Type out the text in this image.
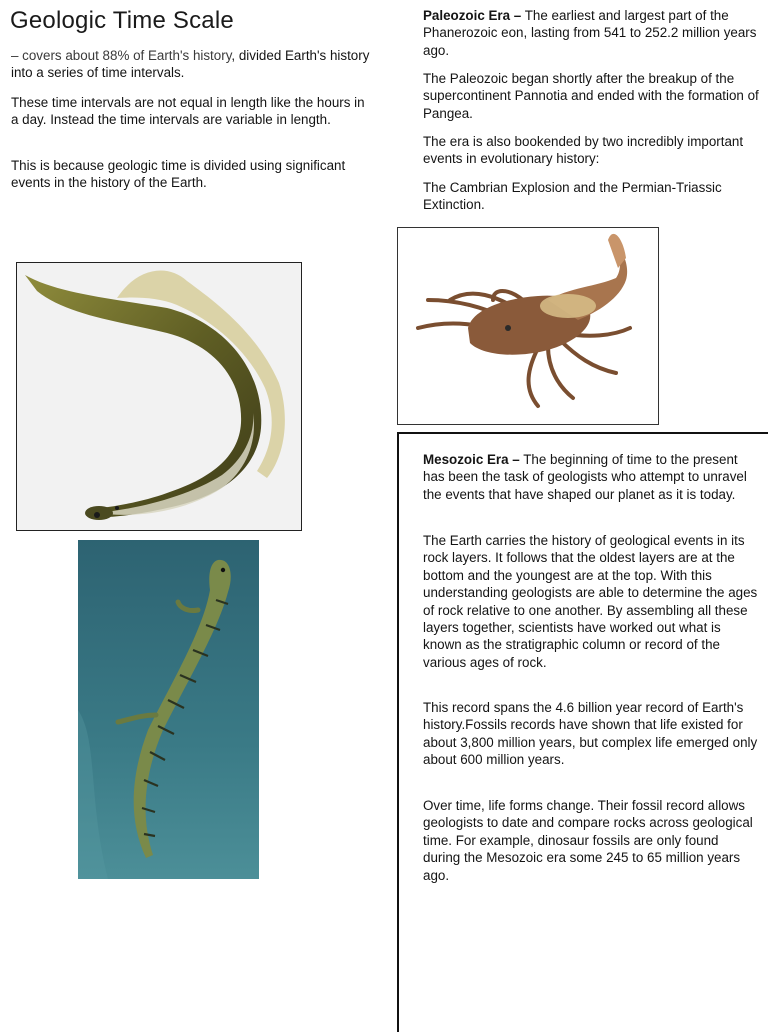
Geologic Time Scale

– covers about 88% of Earth's history, divided Earth's history into a series of time intervals.

These time intervals are not equal in length like the hours in a day. Instead the time intervals are variable in length.

This is because geologic time is divided using significant events in the history of the Earth.

Paleozoic Era – The earliest and largest part of the Phanerozoic eon, lasting from 541 to 252.2 million years ago.

The Paleozoic began shortly after the breakup of the supercontinent Pannotia and ended with the formation of Pangea.

The era is also bookended by two incredibly important events in evolutionary history:

The Cambrian Explosion and the Permian-Triassic Extinction.

Mesozoic Era – The beginning of time to the present has been the task of geologists who attempt to unravel the events that have shaped our planet as it is today.

The Earth carries the history of geological events in its rock layers. It follows that the oldest layers are at the bottom and the youngest are at the top. With this understanding geologists are able to determine the ages of rock relative to one another. By assembling all these layers together, scientists have worked out what is known as the stratigraphic column or record of the various ages of rock.

This record spans the 4.6 billion year record of Earth's history.Fossils records have shown that life existed for about 3,800 million years, but complex life emerged only about 600 million years.

Over time, life forms change. Their fossil record allows geologists to date and compare rocks across geological time. For example, dinosaur fossils are only found during the Mesozoic era some 245 to 65 million years ago.
